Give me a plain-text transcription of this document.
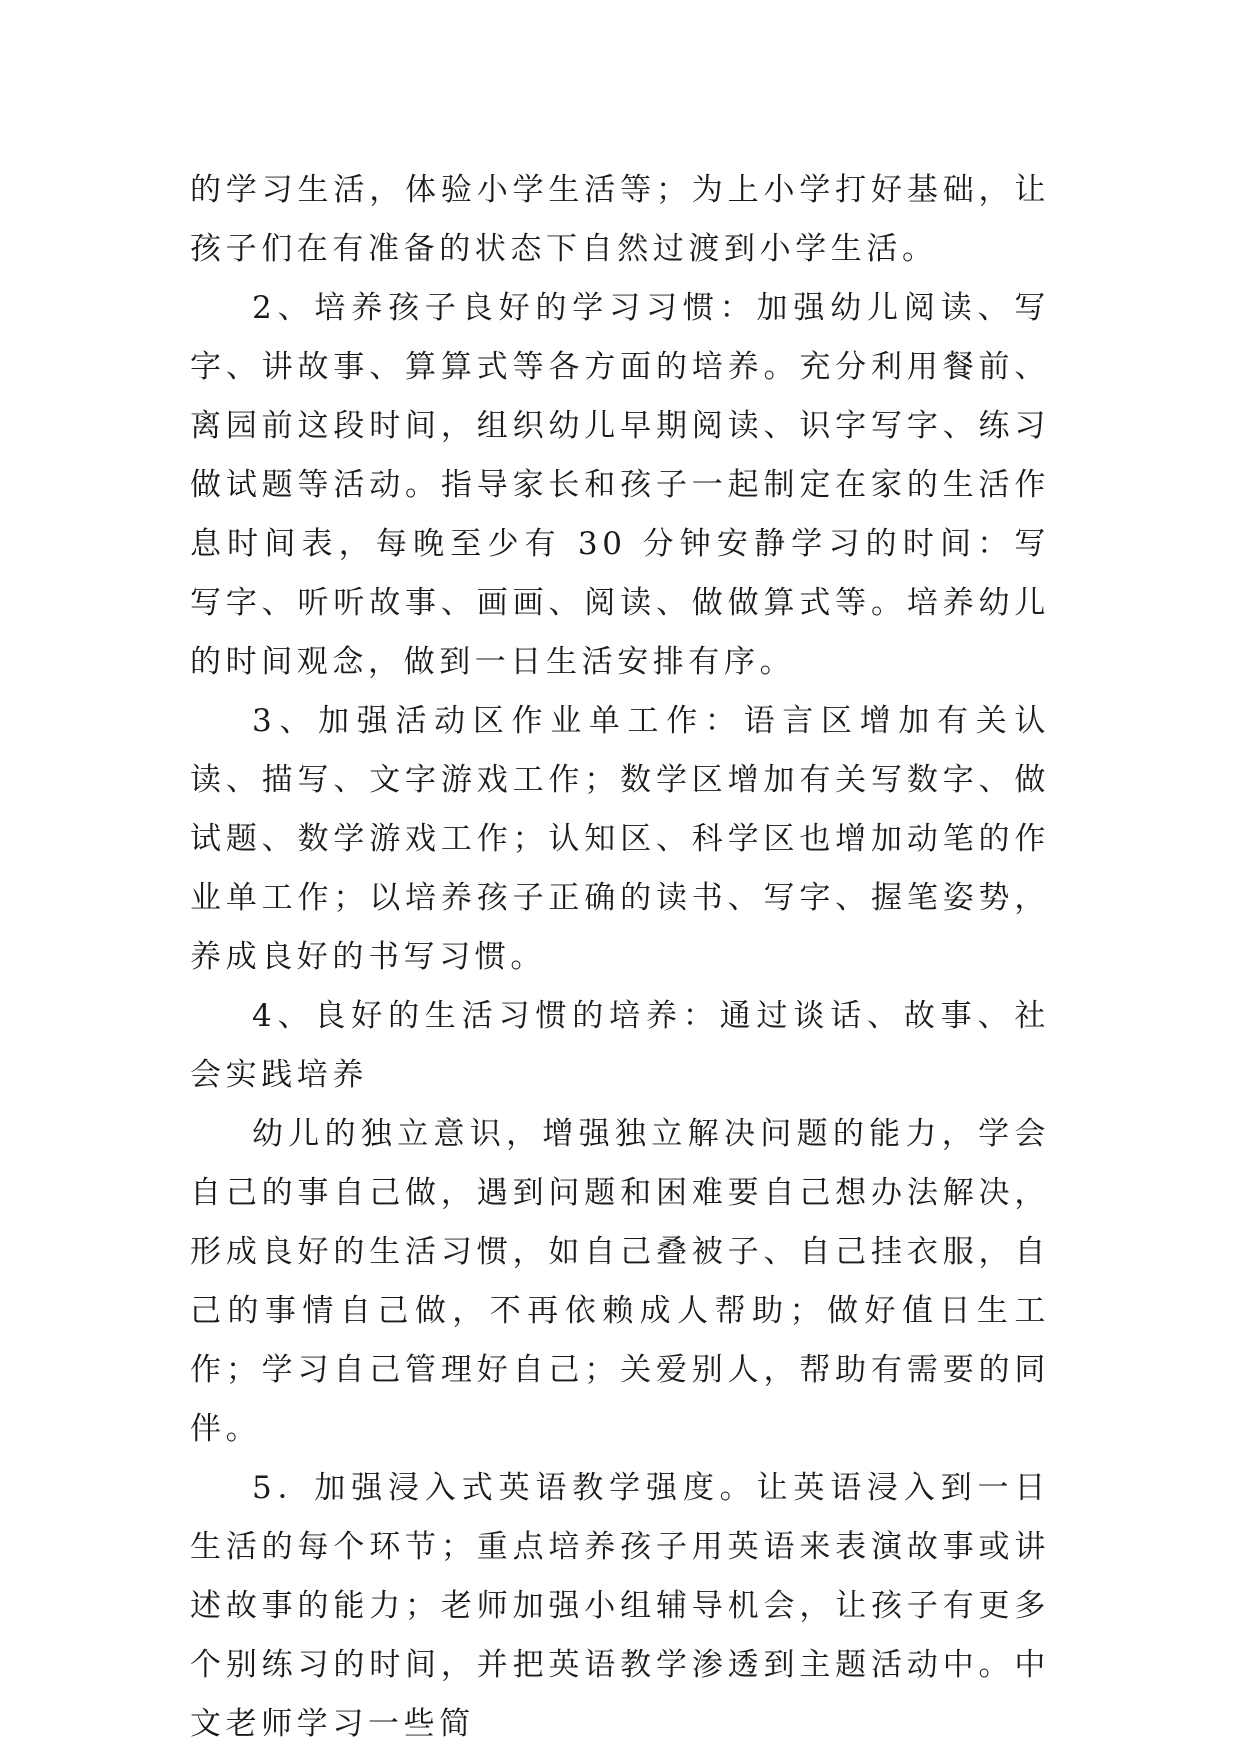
的学习生活，体验小学生活等；为上小学打好基础，让孩子们在有准备的状态下自然过渡到小学生活。

2、培养孩子良好的学习习惯：加强幼儿阅读、写字、讲故事、算算式等各方面的培养。充分利用餐前、离园前这段时间，组织幼儿早期阅读、识字写字、练习做试题等活动。指导家长和孩子一起制定在家的生活作息时间表，每晚至少有 30 分钟安静学习的时间：写写字、听听故事、画画、阅读、做做算式等。培养幼儿的时间观念，做到一日生活安排有序。

3、加强活动区作业单工作：语言区增加有关认读、描写、文字游戏工作；数学区增加有关写数字、做试题、数学游戏工作；认知区、科学区也增加动笔的作业单工作；以培养孩子正确的读书、写字、握笔姿势，养成良好的书写习惯。

4、良好的生活习惯的培养：通过谈话、故事、社会实践培养

幼儿的独立意识，增强独立解决问题的能力，学会自己的事自己做，遇到问题和困难要自己想办法解决，形成良好的生活习惯，如自己叠被子、自己挂衣服，自己的事情自己做，不再依赖成人帮助；做好值日生工作；学习自己管理好自己；关爱别人，帮助有需要的同伴。

5．加强浸入式英语教学强度。让英语浸入到一日生活的每个环节；重点培养孩子用英语来表演故事或讲述故事的能力；老师加强小组辅导机会，让孩子有更多个别练习的时间，并把英语教学渗透到主题活动中。中文老师学习一些简
